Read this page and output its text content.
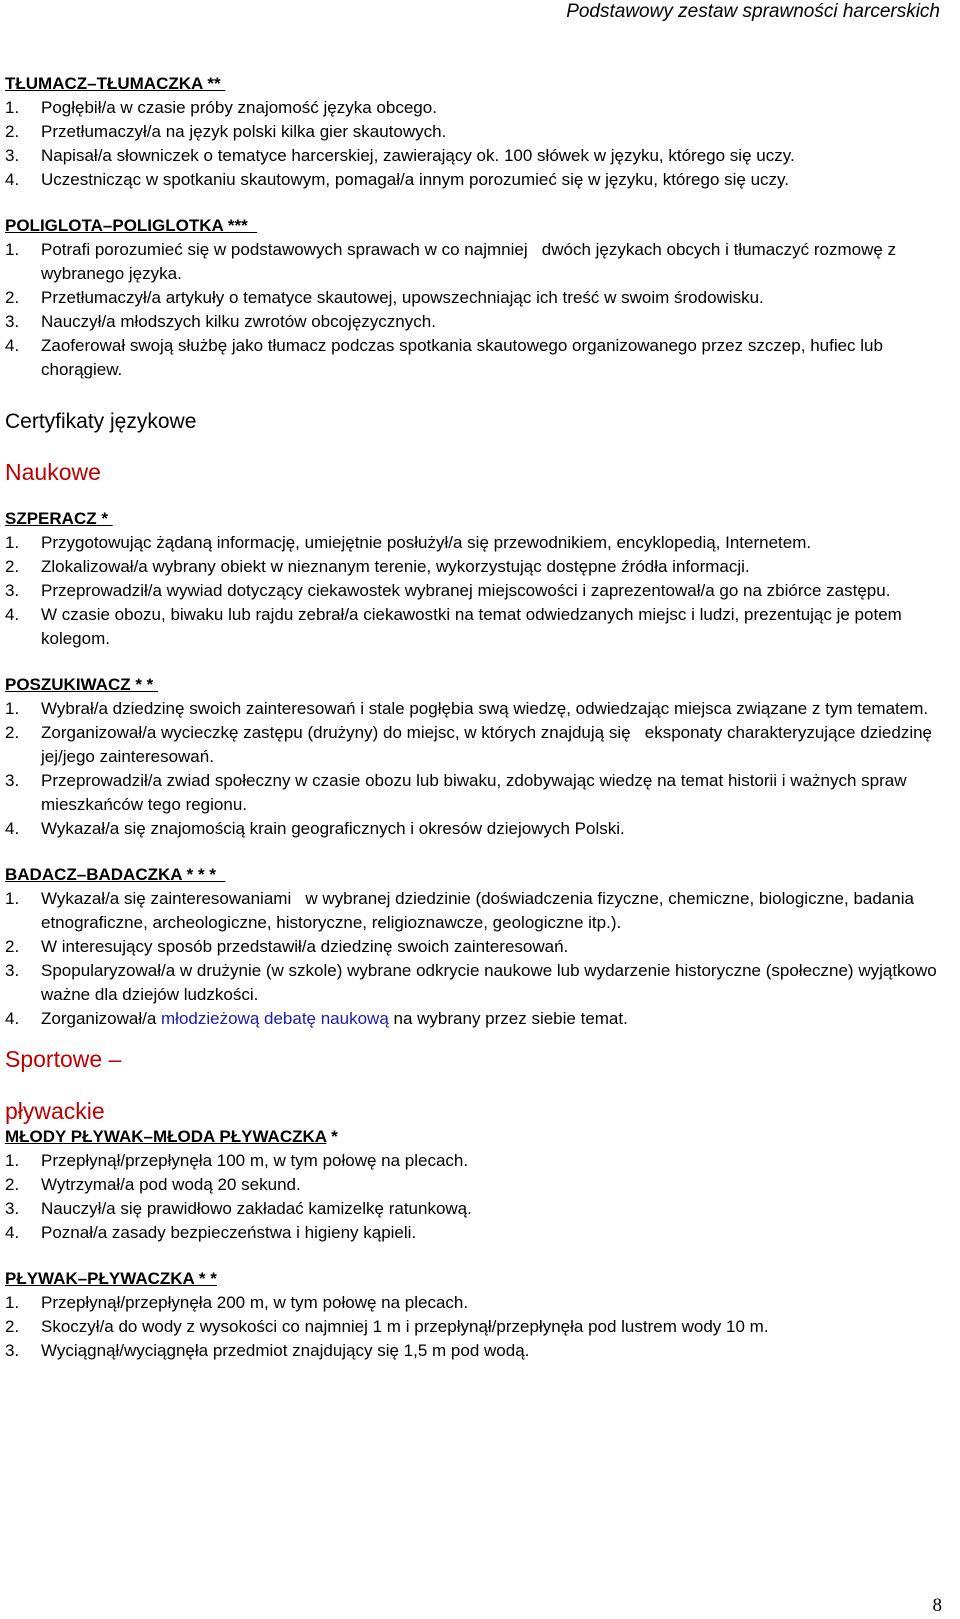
Podstawowy zestaw sprawności harcerskich
TŁUMACZ–TŁUMACZKA **
1. Pogłębił/a w czasie próby znajomość języka obcego.
2. Przetłumaczył/a na język polski kilka gier skautowych.
3. Napisał/a słowniczek o tematyce harcerskiej, zawierający ok. 100 słówek w języku, którego się uczy.
4. Uczestnicząc w spotkaniu skautowym, pomagał/a innym porozumieć się w języku, którego się uczy.
POLIGLOTA–POLIGLOTKA ***
1. Potrafi porozumieć się w podstawowych sprawach w co najmniej   dwóch językach obcych i tłumaczyć rozmowę z wybranego języka.
2. Przetłumaczył/a artykuły o tematyce skautowej, upowszechniając ich treść w swoim środowisku.
3. Nauczył/a młodszych kilku zwrotów obcojęzycznych.
4. Zaoferował swoją służbę jako tłumacz podczas spotkania skautowego organizowanego przez szczep, hufiec lub chorągiew.
Certyfikaty językowe
Naukowe
SZPERACZ *
1. Przygotowując żądaną informację, umiejętnie posłużył/a się przewodnikiem, encyklopedią, Internetem.
2. Zlokalizował/a wybrany obiekt w nieznanym terenie, wykorzystując dostępne źródła informacji.
3. Przeprowadził/a wywiad dotyczący ciekawostek wybranej miejscowości i zaprezentował/a go na zbiórce zastępu.
4. W czasie obozu, biwaku lub rajdu zebrał/a ciekawostki na temat odwiedzanych miejsc i ludzi, prezentując je potem kolegom.
POSZUKIWACZ * *
1. Wybrał/a dziedzinę swoich zainteresowań i stale pogłębia swą wiedzę, odwiedzając miejsca związane z tym tematem.
2. Zorganizował/a wycieczkę zastępu (drużyny) do miejsc, w których znajdują się   eksponaty charakteryzujące dziedzinę jej/jego zainteresowań.
3. Przeprowadził/a zwiad społeczny w czasie obozu lub biwaku, zdobywając wiedzę na temat historii i ważnych spraw mieszkańców tego regionu.
4. Wykazał/a się znajomością krain geograficznych i okresów dziejowych Polski.
BADACZ–BADACZKA * * *
1. Wykazał/a się zainteresowaniami   w wybranej dziedzinie (doświadczenia fizyczne, chemiczne, biologiczne, badania etnograficzne, archeologiczne, historyczne, religioznawcze, geologiczne itp.).
2. W interesujący sposób przedstawił/a dziedzinę swoich zainteresowań.
3. Spopularyzował/a w drużynie (w szkole) wybrane odkrycie naukowe lub wydarzenie historyczne (społeczne) wyjątkowo ważne dla dziejów ludzkości.
4. Zorganizował/a młodzieżową debatę naukową na wybrany przez siebie temat.
Sportowe –
pływackie
MŁODY PŁYWAK–MŁODA PŁYWACZKA *
1. Przepłynął/przepłynęła 100 m, w tym połowę na plecach.
2. Wytrzymał/a pod wodą 20 sekund.
3. Nauczył/a się prawidłowo zakładać kamizelkę ratunkową.
4. Poznał/a zasady bezpieczeństwa i higieny kąpieli.
PŁYWAK–PŁYWACZKA * *
1. Przepłynął/przepłynęła 200 m, w tym połowę na plecach.
2. Skoczył/a do wody z wysokości co najmniej 1 m i przepłynął/przepłynęła pod lustrem wody 10 m.
3. Wyciągnął/wyciągnęła przedmiot znajdujący się 1,5 m pod wodą.
8
